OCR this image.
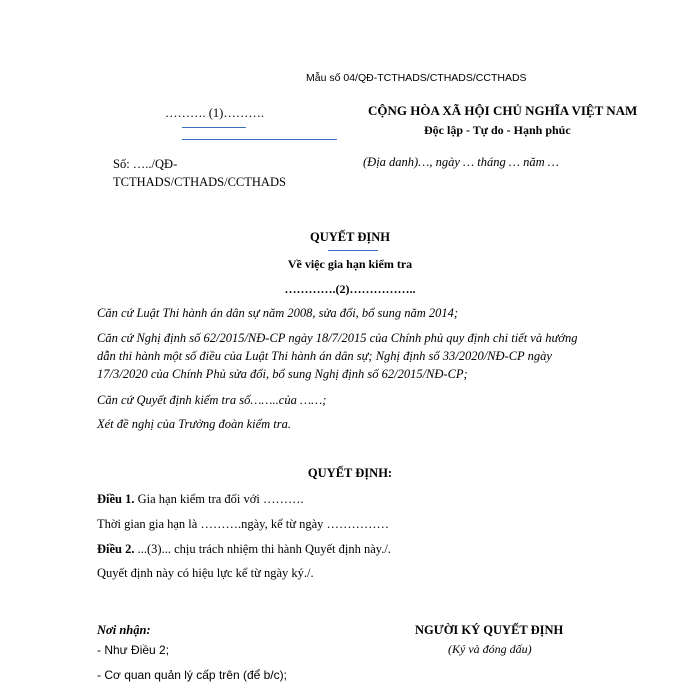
Mẫu số 04/QĐ-TCTHADS/CTHADS/CCTHADS
………. (1)……….	CỘNG HÒA XÃ HỘI CHỦ NGHĨA VIỆT NAM
Độc lập - Tự do - Hạnh phúc
Số: …../QĐ-TCTHADS/CTHADS/CCTHADS
(Địa danh)…, ngày … tháng … năm …
QUYẾT ĐỊNH
Về việc gia hạn kiểm tra
………….(2)……………..
Căn cứ Luật Thi hành án dân sự năm 2008, sửa đổi, bổ sung năm 2014;
Căn cứ Nghị định số 62/2015/NĐ-CP ngày 18/7/2015 của Chính phủ quy định chi tiết và hướng
dẫn thi hành một số điều của Luật Thi hành án dân sự; Nghị định số 33/2020/NĐ-CP ngày
17/3/2020 của Chính Phủ sửa đổi, bổ sung Nghị định số 62/2015/NĐ-CP;
Căn cứ Quyết định kiểm tra số……..của ……;
Xét đề nghị của Trưởng đoàn kiểm tra.
QUYẾT ĐỊNH:
Điều 1. Gia hạn kiểm tra đối với ……….
Thời gian gia hạn là ……….ngày, kể từ ngày ……………
Điều 2. ...(3)... chịu trách nhiệm thi hành Quyết định này./.
Quyết định này có hiệu lực kể từ ngày ký./.
Nơi nhận:
- Như Điều 2;
- Cơ quan quản lý cấp trên (để b/c);
NGƯỜI KÝ QUYẾT ĐỊNH
(Ký và đóng dấu)
